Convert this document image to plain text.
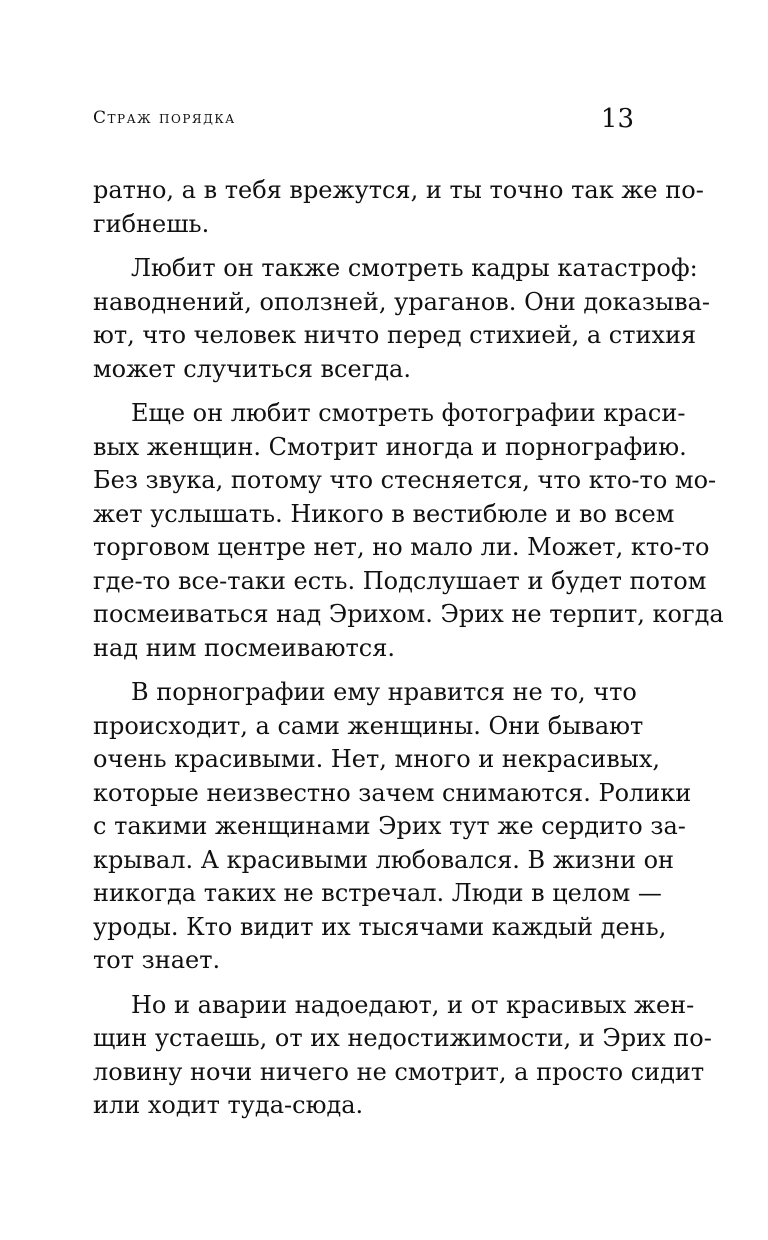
Страж порядка	13
ратно, а в тебя врежутся, и ты точно так же по-
гибнешь.
Любит он также смотреть кадры катастроф:
наводнений, оползней, ураганов. Они доказыва-
ют, что человек ничто перед стихией, а стихия
может случиться всегда.
Еще он любит смотреть фотографии краси-
вых женщин. Смотрит иногда и порнографию.
Без звука, потому что стесняется, что кто-то мо-
жет услышать. Никого в вестибюле и во всем
торговом центре нет, но мало ли. Может, кто-то
где-то все-таки есть. Подслушает и будет потом
посмеиваться над Эрихом. Эрих не терпит, когда
над ним посмеиваются.
В порнографии ему нравится не то, что
происходит, а сами женщины. Они бывают
очень красивыми. Нет, много и некрасивых,
которые неизвестно зачем снимаются. Ролики
с такими женщинами Эрих тут же сердито за-
крывал. А красивыми любовался. В жизни он
никогда таких не встречал. Люди в целом —
уроды. Кто видит их тысячами каждый день,
тот знает.
Но и аварии надоедают, и от красивых жен-
щин устаешь, от их недостижимости, и Эрих по-
ловину ночи ничего не смотрит, а просто сидит
или ходит туда-сюда.
